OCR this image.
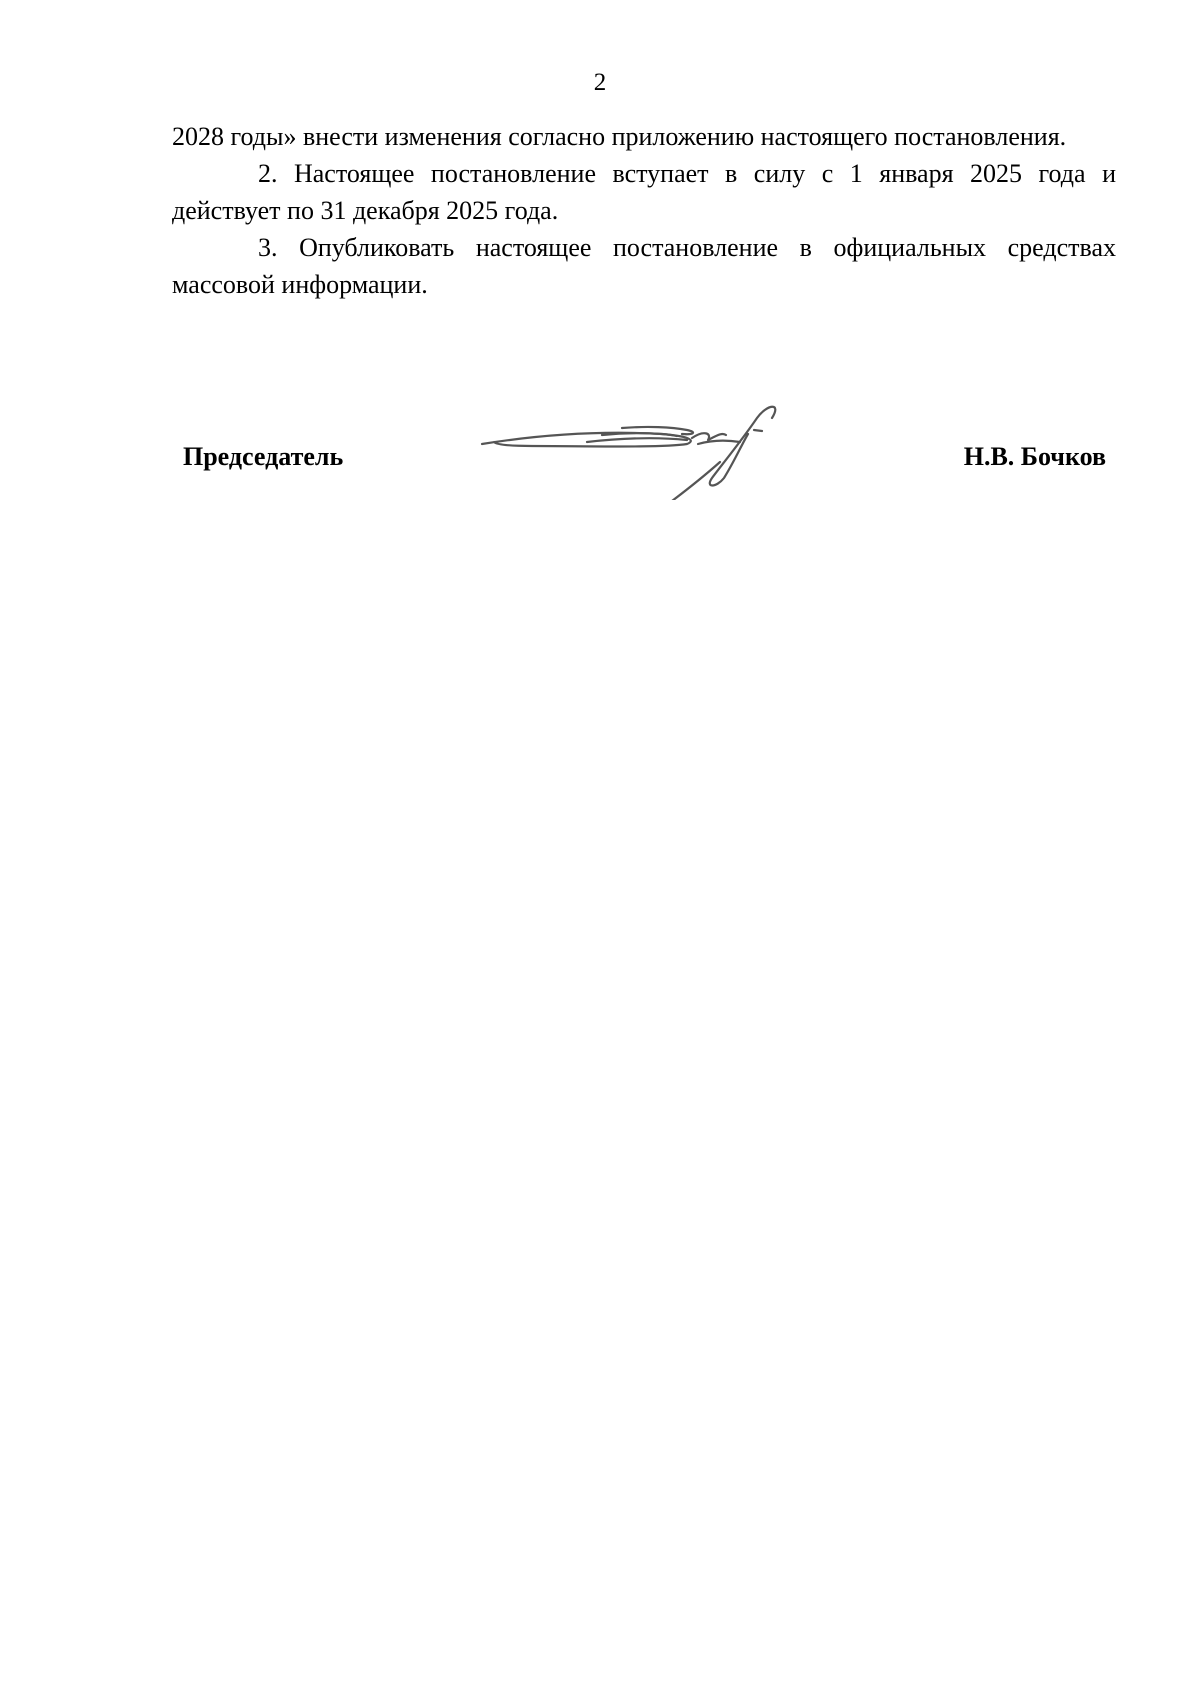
2

2028 годы» внести изменения согласно приложению настоящего постановления.

2. Настоящее постановление вступает в силу с 1 января 2025 года и действует по 31 декабря 2025 года.

3. Опубликовать настоящее постановление в официальных средствах массовой информации.

Председатель	Н.В. Бочков
